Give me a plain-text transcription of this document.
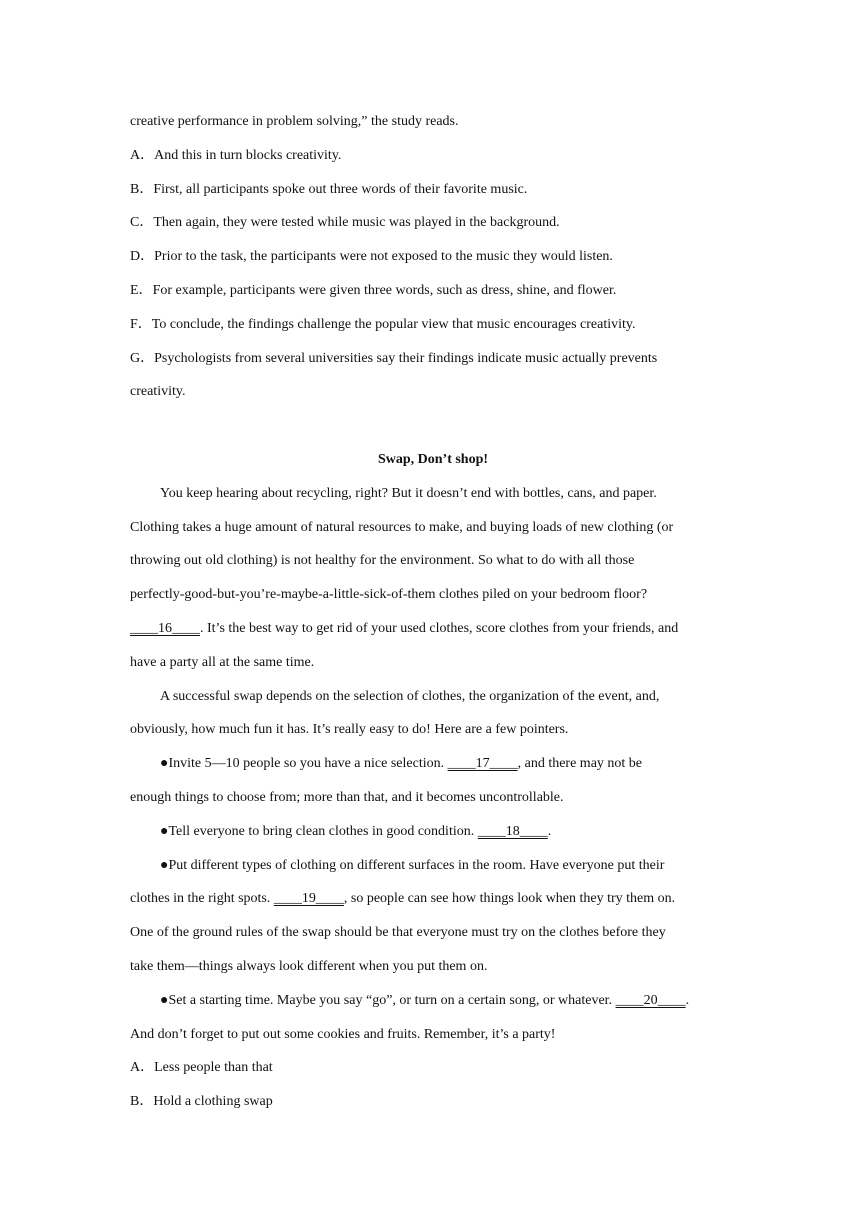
creative performance in problem solving,” the study reads.
A．And this in turn blocks creativity.
B．First, all participants spoke out three words of their favorite music.
C．Then again, they were tested while music was played in the background.
D．Prior to the task, the participants were not exposed to the music they would listen.
E．For example, participants were given three words, such as dress, shine, and flower.
F．To conclude, the findings challenge the popular view that music encourages creativity.
G．Psychologists from several universities say their findings indicate music actually prevents
creativity.
Swap, Don’t shop!
You keep hearing about recycling, right? But it doesn’t end with bottles, cans, and paper.
Clothing takes a huge amount of natural resources to make, and buying loads of new clothing (or
throwing out old clothing) is not healthy for the environment. So what to do with all those
perfectly-good-but-you’re-maybe-a-little-sick-of-them clothes piled on your bedroom floor?
____16____. It’s the best way to get rid of your used clothes, score clothes from your friends, and
have a party all at the same time.
A successful swap depends on the selection of clothes, the organization of the event, and,
obviously, how much fun it has. It’s really easy to do! Here are a few pointers.
●Invite 5—10 people so you have a nice selection. ____17____, and there may not be
enough things to choose from; more than that, and it becomes uncontrollable.
●Tell everyone to bring clean clothes in good condition. ____18____.
●Put different types of clothing on different surfaces in the room. Have everyone put their
clothes in the right spots. ____19____, so people can see how things look when they try them on.
One of the ground rules of the swap should be that everyone must try on the clothes before they
take them—things always look different when you put them on.
●Set a starting time. Maybe you say “go”, or turn on a certain song, or whatever. ____20____.
And don’t forget to put out some cookies and fruits. Remember, it’s a party!
A．Less people than that
B．Hold a clothing swap
